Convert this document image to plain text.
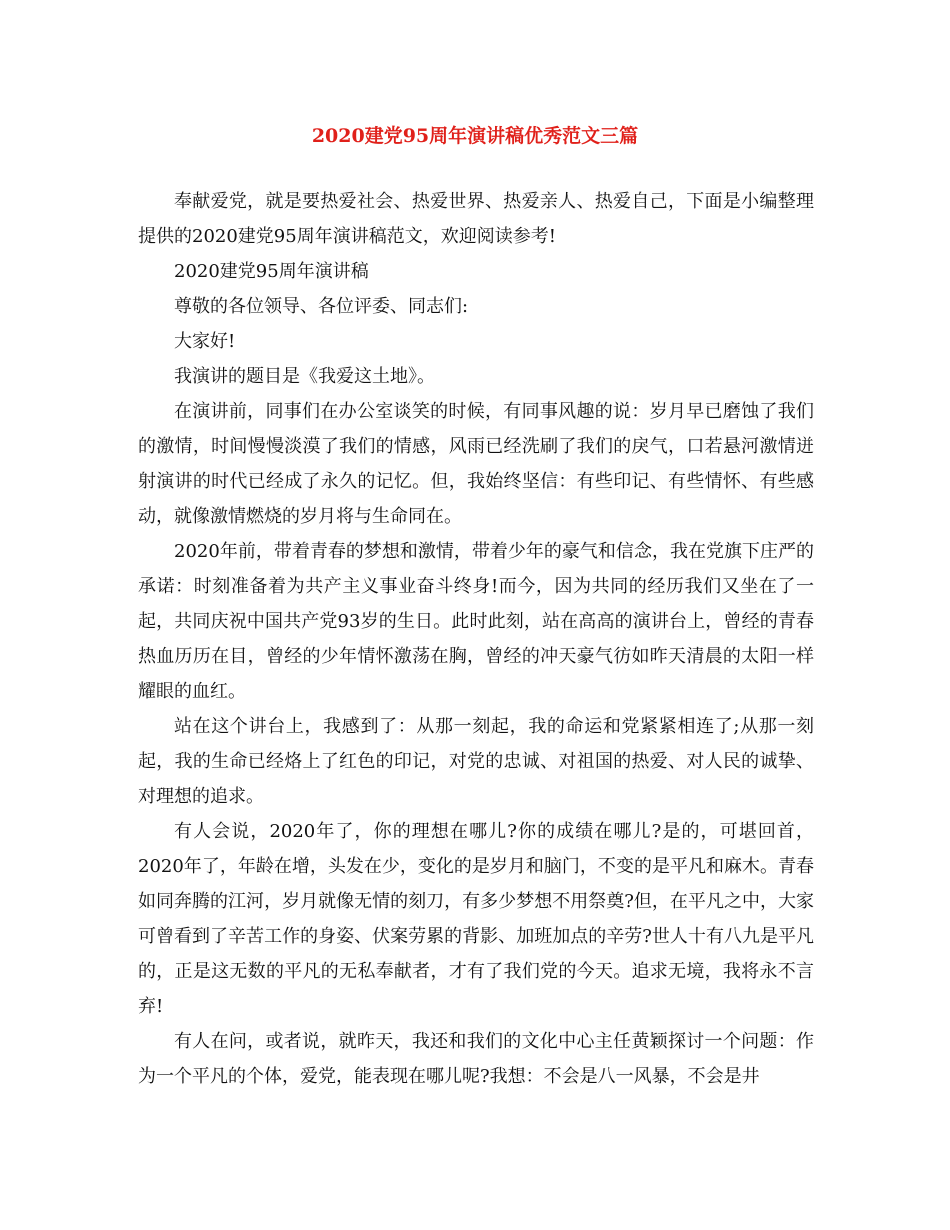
2020建党95周年演讲稿优秀范文三篇

奉献爱党，就是要热爱社会、热爱世界、热爱亲人、热爱自己，下面是小编整理提供的2020建党95周年演讲稿范文，欢迎阅读参考!

2020建党95周年演讲稿

尊敬的各位领导、各位评委、同志们:

大家好!

我演讲的题目是《我爱这土地》。

在演讲前，同事们在办公室谈笑的时候，有同事风趣的说：岁月早已磨蚀了我们的激情，时间慢慢淡漠了我们的情感，风雨已经洗刷了我们的戾气，口若悬河激情迸射演讲的时代已经成了永久的记忆。但，我始终坚信：有些印记、有些情怀、有些感动，就像激情燃烧的岁月将与生命同在。

2020年前，带着青春的梦想和激情，带着少年的豪气和信念，我在党旗下庄严的承诺：时刻准备着为共产主义事业奋斗终身!而今，因为共同的经历我们又坐在了一起，共同庆祝中国共产党93岁的生日。此时此刻，站在高高的演讲台上，曾经的青春热血历历在目，曾经的少年情怀激荡在胸，曾经的冲天豪气彷如昨天清晨的太阳一样耀眼的血红。

站在这个讲台上，我感到了：从那一刻起，我的命运和党紧紧相连了;从那一刻起，我的生命已经烙上了红色的印记，对党的忠诚、对祖国的热爱、对人民的诚挚、对理想的追求。

有人会说，2020年了，你的理想在哪儿?你的成绩在哪儿?是的，可堪回首，2020年了，年龄在增，头发在少，变化的是岁月和脑门，不变的是平凡和麻木。青春如同奔腾的江河，岁月就像无情的刻刀，有多少梦想不用祭奠?但，在平凡之中，大家可曾看到了辛苦工作的身姿、伏案劳累的背影、加班加点的辛劳?世人十有八九是平凡的，正是这无数的平凡的无私奉献者，才有了我们党的今天。追求无境，我将永不言弃!

有人在问，或者说，就昨天，我还和我们的文化中心主任黄颖探讨一个问题：作为一个平凡的个体，爱党，能表现在哪儿呢?我想：不会是八一风暴，不会是井
